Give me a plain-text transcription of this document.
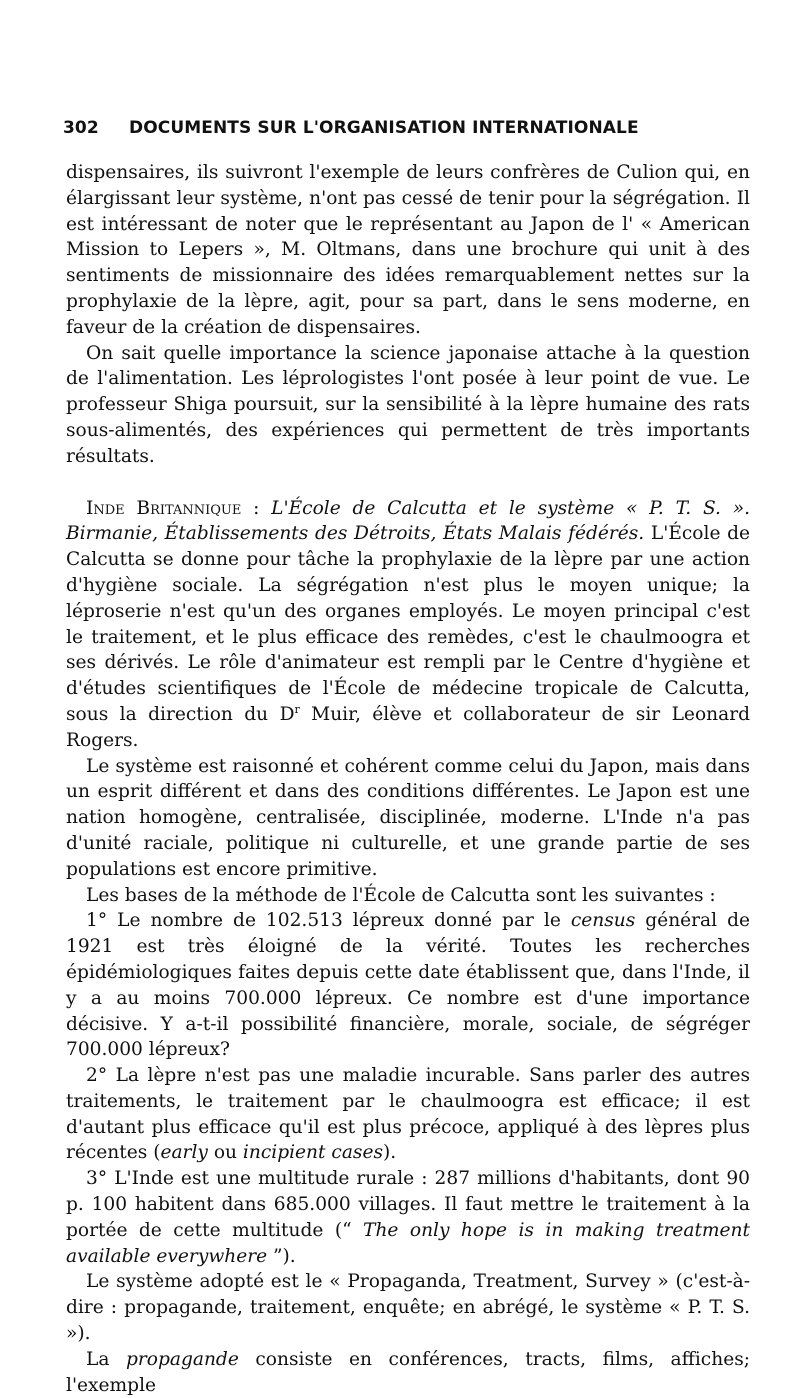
302 DOCUMENTS SUR L'ORGANISATION INTERNATIONALE

dispensaires, ils suivront l'exemple de leurs confrères de Culion qui, en élargissant leur système, n'ont pas cessé de tenir pour la ségrégation. Il est intéressant de noter que le représentant au Japon de l' « American Mission to Lepers », M. Oltmans, dans une brochure qui unit à des sentiments de missionnaire des idées remarquablement nettes sur la prophylaxie de la lèpre, agit, pour sa part, dans le sens moderne, en faveur de la création de dispensaires.

On sait quelle importance la science japonaise attache à la question de l'alimentation. Les léprologistes l'ont posée à leur point de vue. Le professeur Shiga poursuit, sur la sensibilité à la lèpre humaine des rats sous-alimentés, des expériences qui permettent de très importants résultats.

Inde Britannique : L'École de Calcutta et le système « P. T. S. ». Birmanie, Établissements des Détroits, États Malais fédérés. L'École de Calcutta se donne pour tâche la prophylaxie de la lèpre par une action d'hygiène sociale. La ségrégation n'est plus le moyen unique; la léproserie n'est qu'un des organes employés. Le moyen principal c'est le traitement, et le plus efficace des remèdes, c'est le chaulmoogra et ses dérivés. Le rôle d'animateur est rempli par le Centre d'hygiène et d'études scientifiques de l'École de médecine tropicale de Calcutta, sous la direction du $D^r$ Muir, élève et collaborateur de sir Leonard Rogers.

Le système est raisonné et cohérent comme celui du Japon, mais dans un esprit différent et dans des conditions différentes. Le Japon est une nation homogène, centralisée, disciplinée, moderne. L'Inde n'a pas d'unité raciale, politique ni culturelle, et une grande partie de ses populations est encore primitive.

Les bases de la méthode de l'École de Calcutta sont les suivantes :

1° Le nombre de 102.513 lépreux donné par le census général de 1921 est très éloigné de la vérité. Toutes les recherches épidémiologiques faites depuis cette date établissent que, dans l'Inde, il y a au moins 700.000 lépreux. Ce nombre est d'une importance décisive. Y a-t-il possibilité financière, morale, sociale, de ségréger 700.000 lépreux?

2° La lèpre n'est pas une maladie incurable. Sans parler des autres traitements, le traitement par le chaulmoogra est efficace; il est d'autant plus efficace qu'il est plus précoce, appliqué à des lèpres plus récentes (early ou incipient cases).

3° L'Inde est une multitude rurale : 287 millions d'habitants, dont 90 p. 100 habitent dans 685.000 villages. Il faut mettre le traitement à la portée de cette multitude (“ The only hope is in making treatment available everywhere ”).

Le système adopté est le « Propaganda, Treatment, Survey » (c'est-à-dire : propagande, traitement, enquête; en abrégé, le système « P. T. S. »).

La propagande consiste en conférences, tracts, films, affiches; l'exemple
